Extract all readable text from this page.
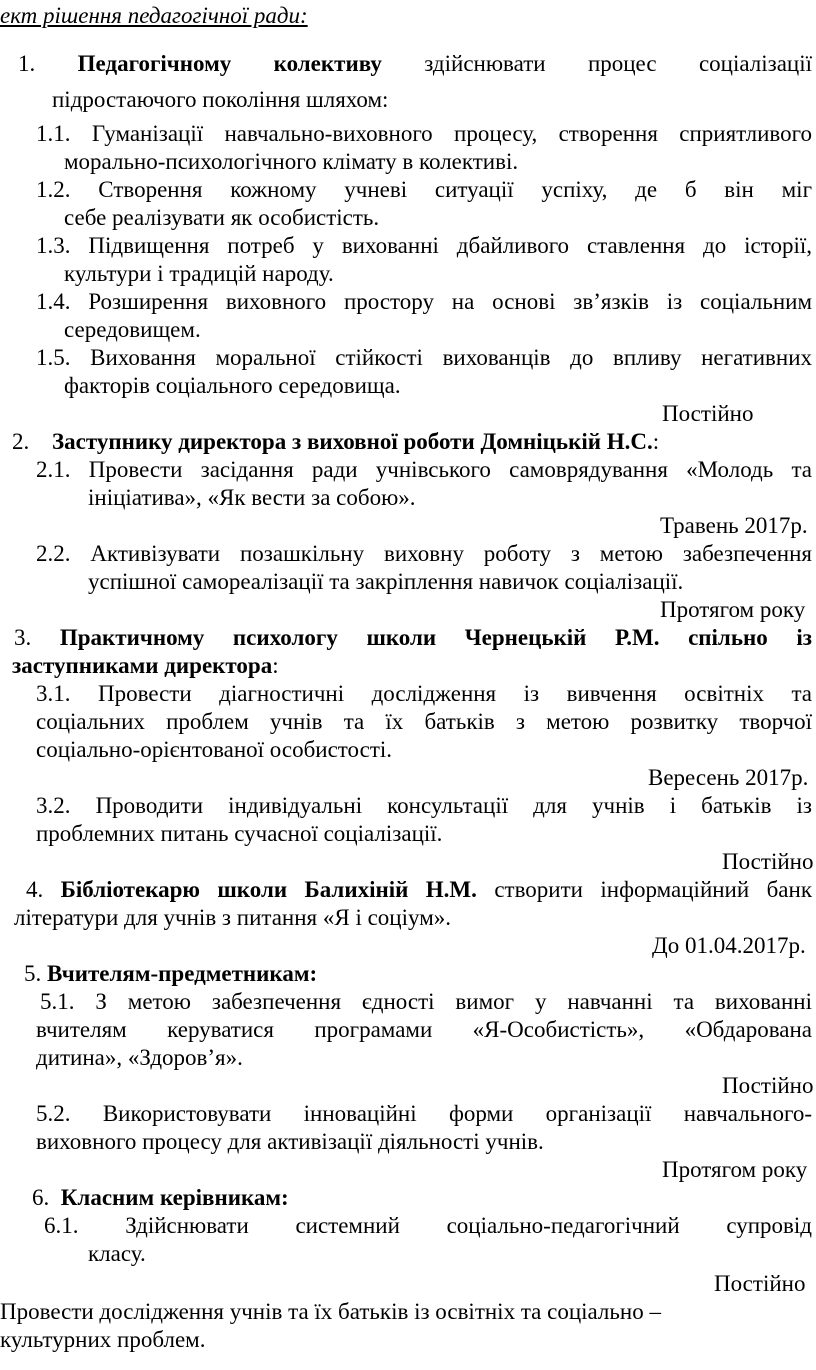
ект рішення педагогічної ради:
1. Педагогічному колективу здійснювати процес соціалізації
підростаючого покоління шляхом:
1.1. Гуманізації навчально-виховного процесу, створення сприятливого
морально-психологічного клімату в колективі.
1.2. Створення кожному учневі ситуації успіху, де б він міг
себе реалізувати як особистість.
1.3. Підвищення потреб у вихованні дбайливого ставлення до історії,
культури і традицій народу.
1.4. Розширення виховного простору на основі зв’язків із соціальним
середовищем.
1.5. Виховання моральної стійкості вихованців до впливу негативних
факторів соціального середовища.
Постійно
2. Заступнику директора з виховної роботи Домніцькій Н.С.:
2.1. Провести засідання ради учнівського самоврядування «Молодь та
ініціатива», «Як вести за собою».
Травень 2017р.
2.2. Активізувати позашкільну виховну роботу з метою забезпечення
успішної самореалізації та закріплення навичок соціалізації.
Протягом року
3. Практичному психологу школи Чернецькій Р.М. спільно із
заступниками директора:
3.1. Провести діагностичні дослідження із вивчення освітніх та
соціальних проблем учнів та їх батьків з метою розвитку творчої
соціально-орієнтованої особистості.
Вересень 2017р.
3.2. Проводити індивідуальні консультації для учнів і батьків із
проблемних питань сучасної соціалізації.
Постійно
4. Бібліотекарю школи Балихіній Н.М. створити інформаційний банк
літератури для учнів з питання «Я і соціум».
До 01.04.2017р.
5. Вчителям-предметникам:
5.1. З метою забезпечення єдності вимог у навчанні та вихованні
вчителям керуватися програмами «Я-Особистість», «Обдарована
дитина», «Здоров’я».
Постійно
5.2. Використовувати інноваційні форми організації навчального-
виховного процесу для активізації діяльності учнів.
Протягом року
6. Класним керівникам:
6.1. Здійснювати системний соціально-педагогічний супровід
класу.
Постійно
Провести дослідження учнів та їх батьків із освітніх та соціально –
культурних проблем.
